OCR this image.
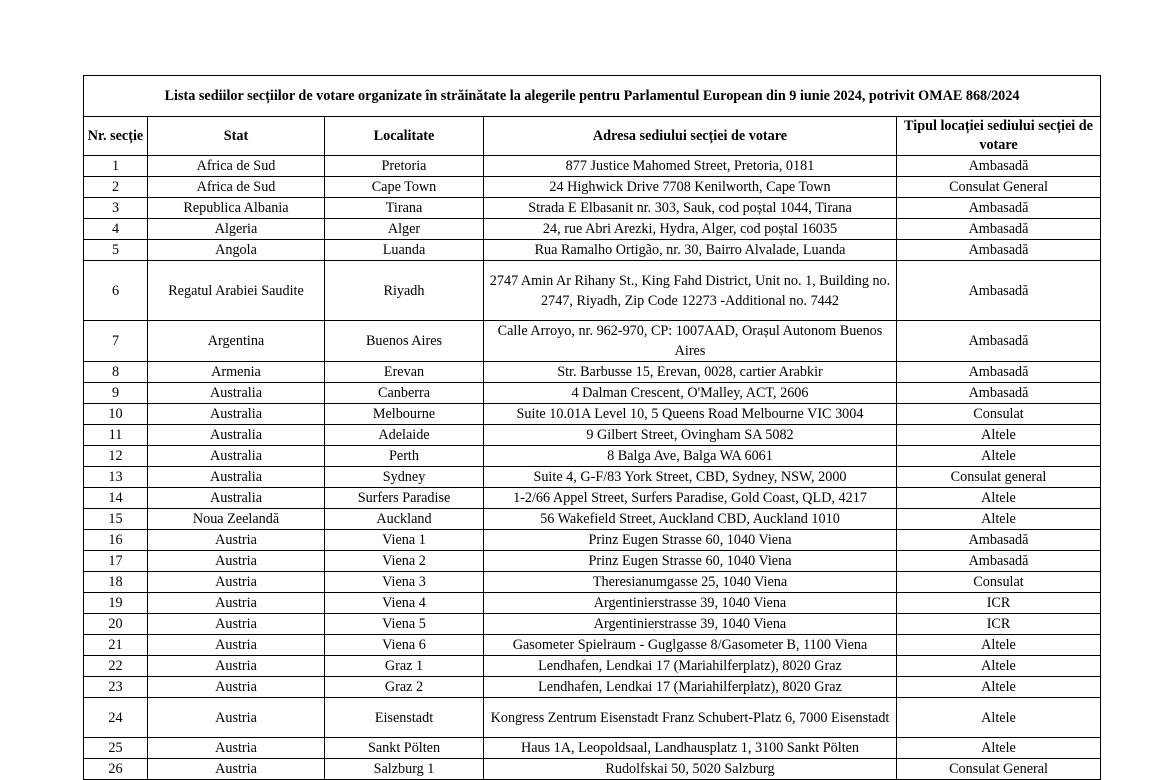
Lista sediilor secțiilor de votare organizate în străinătate la alegerile pentru Parlamentul European din 9 iunie 2024, potrivit OMAE 868/2024				
Nr. secție	Stat	Localitate	Adresa sediului secției de votare	Tipul locației sediului secției de votare
1	Africa de Sud	Pretoria	877 Justice Mahomed Street, Pretoria, 0181	Ambasadă
2	Africa de Sud	Cape Town	24 Highwick Drive 7708 Kenilworth, Cape Town	Consulat General
3	Republica Albania	Tirana	Strada E Elbasanit nr. 303, Sauk, cod poștal 1044, Tirana	Ambasadă
4	Algeria	Alger	24, rue Abri Arezki, Hydra, Alger, cod poștal 16035	Ambasadă
5	Angola	Luanda	Rua Ramalho Ortigão, nr. 30, Bairro Alvalade, Luanda	Ambasadă
6	Regatul Arabiei Saudite	Riyadh	2747 Amin Ar Rihany St., King Fahd District, Unit no. 1, Building no. 2747, Riyadh, Zip Code 12273 -Additional no. 7442	Ambasadă
7	Argentina	Buenos Aires	Calle Arroyo, nr. 962-970, CP: 1007AAD, Orașul Autonom Buenos Aires	Ambasadă
8	Armenia	Erevan	Str. Barbusse 15, Erevan, 0028, cartier Arabkir	Ambasadă
9	Australia	Canberra	4 Dalman Crescent, O'Malley, ACT, 2606	Ambasadă
10	Australia	Melbourne	Suite 10.01A Level 10, 5 Queens Road Melbourne VIC 3004	Consulat
11	Australia	Adelaide	9 Gilbert Street, Ovingham SA 5082	Altele
12	Australia	Perth	8 Balga Ave, Balga WA 6061	Altele
13	Australia	Sydney	Suite 4, G-F/83 York Street, CBD, Sydney, NSW, 2000	Consulat general
14	Australia	Surfers Paradise	1-2/66 Appel Street, Surfers Paradise, Gold Coast, QLD, 4217	Altele
15	Noua Zeelandă	Auckland	56 Wakefield Street, Auckland CBD, Auckland 1010	Altele
16	Austria	Viena 1	Prinz Eugen Strasse 60, 1040 Viena	Ambasadă
17	Austria	Viena 2	Prinz Eugen Strasse 60, 1040 Viena	Ambasadă
18	Austria	Viena 3	Theresianumgasse 25, 1040 Viena	Consulat
19	Austria	Viena 4	Argentinierstrasse 39, 1040 Viena	ICR
20	Austria	Viena 5	Argentinierstrasse 39, 1040 Viena	ICR
21	Austria	Viena 6	Gasometer Spielraum - Guglgasse 8/Gasometer B, 1100 Viena	Altele
22	Austria	Graz 1	Lendhafen, Lendkai 17 (Mariahilferplatz), 8020 Graz	Altele
23	Austria	Graz 2	Lendhafen, Lendkai 17 (Mariahilferplatz), 8020 Graz	Altele
24	Austria	Eisenstadt	Kongress Zentrum Eisenstadt Franz Schubert-Platz 6, 7000 Eisenstadt	Altele
25	Austria	Sankt Pölten	Haus 1A, Leopoldsaal, Landhausplatz 1, 3100 Sankt Pölten	Altele
26	Austria	Salzburg 1	Rudolfskai 50, 5020 Salzburg	Consulat General
